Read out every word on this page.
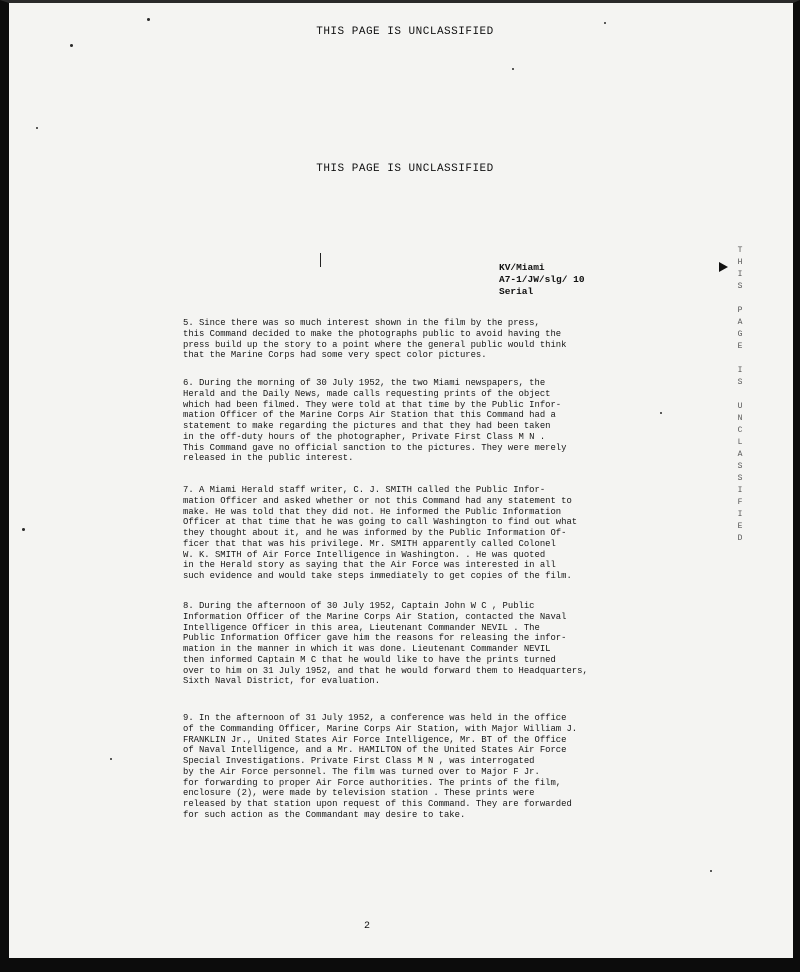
THIS PAGE IS UNCLASSIFIED
THIS PAGE IS UNCLASSIFIED
KV/Miami
A7-1/JW/slg/ 10
Serial
T
H
I
S

P
A
G
E

I
S

U
N
C
L
A
S
S
I
F
I
E
D

5. Since there was so much interest shown in the film by the press,
this Command decided to make the photographs public to avoid having the
press build up the story to a point where the general public would think
that the Marine Corps had some very spect color pictures.

6. During the morning of 30 July 1952, the two Miami newspapers, the
Herald and the Daily News, made calls requesting prints of the object
which had been filmed. They were told at that time by the Public Infor-
mation Officer of the Marine Corps Air Station that this Command had a
statement to make regarding the pictures and that they had been taken
in the off-duty hours of the photographer, Private First Class M N .
This Command gave no official sanction to the pictures. They were merely
released in the public interest.

7. A Miami Herald staff writer, C. J. SMITH called the Public Infor-
mation Officer and asked whether or not this Command had any statement to
make. He was told that they did not. He informed the Public Information
Officer at that time that he was going to call Washington to find out what
they thought about it, and he was informed by the Public Information Of-
ficer that that was his privilege. Mr. SMITH apparently called Colonel
W. K. SMITH of Air Force Intelligence in Washington. . He was quoted
in the Herald story as saying that the Air Force was interested in all
such evidence and would take steps immediately to get copies of the film.

8. During the afternoon of 30 July 1952, Captain John W C , Public
Information Officer of the Marine Corps Air Station, contacted the Naval
Intelligence Officer in this area, Lieutenant Commander NEVIL . The
Public Information Officer gave him the reasons for releasing the infor-
mation in the manner in which it was done. Lieutenant Commander NEVIL
then informed Captain M C that he would like to have the prints turned
over to him on 31 July 1952, and that he would forward them to Headquarters,
Sixth Naval District, for evaluation.

9. In the afternoon of 31 July 1952, a conference was held in the office
of the Commanding Officer, Marine Corps Air Station, with Major William J.
FRANKLIN Jr., United States Air Force Intelligence, Mr. BT of the Office
of Naval Intelligence, and a Mr. HAMILTON of the United States Air Force
Special Investigations. Private First Class M N , was interrogated
by the Air Force personnel. The film was turned over to Major F Jr.
for forwarding to proper Air Force authorities. The prints of the film,
enclosure (2), were made by television station . These prints were
released by that station upon request of this Command. They are forwarded
for such action as the Commandant may desire to take.

2
